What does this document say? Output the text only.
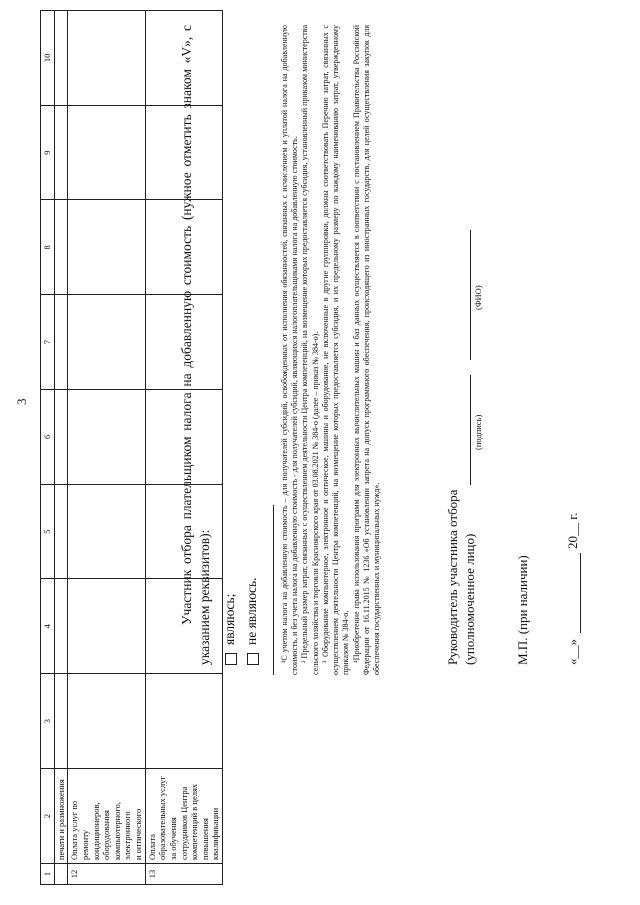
3
1	2	3	4	5	6	7	8	9	10

	печати и размножения								

12	Оплата услуг по ремонту кондиционеров, оборудования компьютерного, электронного и оптического								

13	Оплата образовательных услуг за обучения сотрудников Центра компетенций в целях повышения квалификации								

Участник отбора плательщиком налога на добавленную стоимость (нужное отметить знаком «V», с указанием реквизитов): являюсь; не являюсь.	¹С учетом налога на добавленную стоимость – для получателей субсидий, освобожденных от исполнения обязанностей, связанных с исчислением и уплатой налога на добавленную стоимость, и без учета налога на добавленную стоимость - для получателей субсидий, являющихся налогоплательщиками налога на добавленную стоимость. ² Предельный размер затрат, связанных с осуществлением деятельности Центра компетенций, на возмещение которых предоставляется субсидия, установленный приказом министерства сельского хозяйства и торговли Красноярского края от 03.08.2021 № 384-о (далее – приказ № 384-о). ³ Оборудование компьютерное, электронное и оптическое, машины и оборудование, не включенные в другие группировки, должны соответствовать Перечню затрат, связанных с осуществлением деятельности Центра компетенций, на возмещение которых предоставляется субсидия, и их предельному размеру по каждому наименованию затрат, утвержденному приказом № 384-о. ⁴Приобретение права использования программ для электронных вычислительных машин и баз данных осуществляется в соответствии с постановлением Правительства Российской Федерации от 16.11.2015 № 1236 «Об установлении запрета на допуск программного обеспечения, происходящего из иностранных государств, для целей осуществления закупок для обеспечения государственных и муниципальных нужд».	Руководитель участника отбора (уполномоченное лицо)
(подпись)
(ФИО)
М.П. (при наличии)	«__»
20__ г.
